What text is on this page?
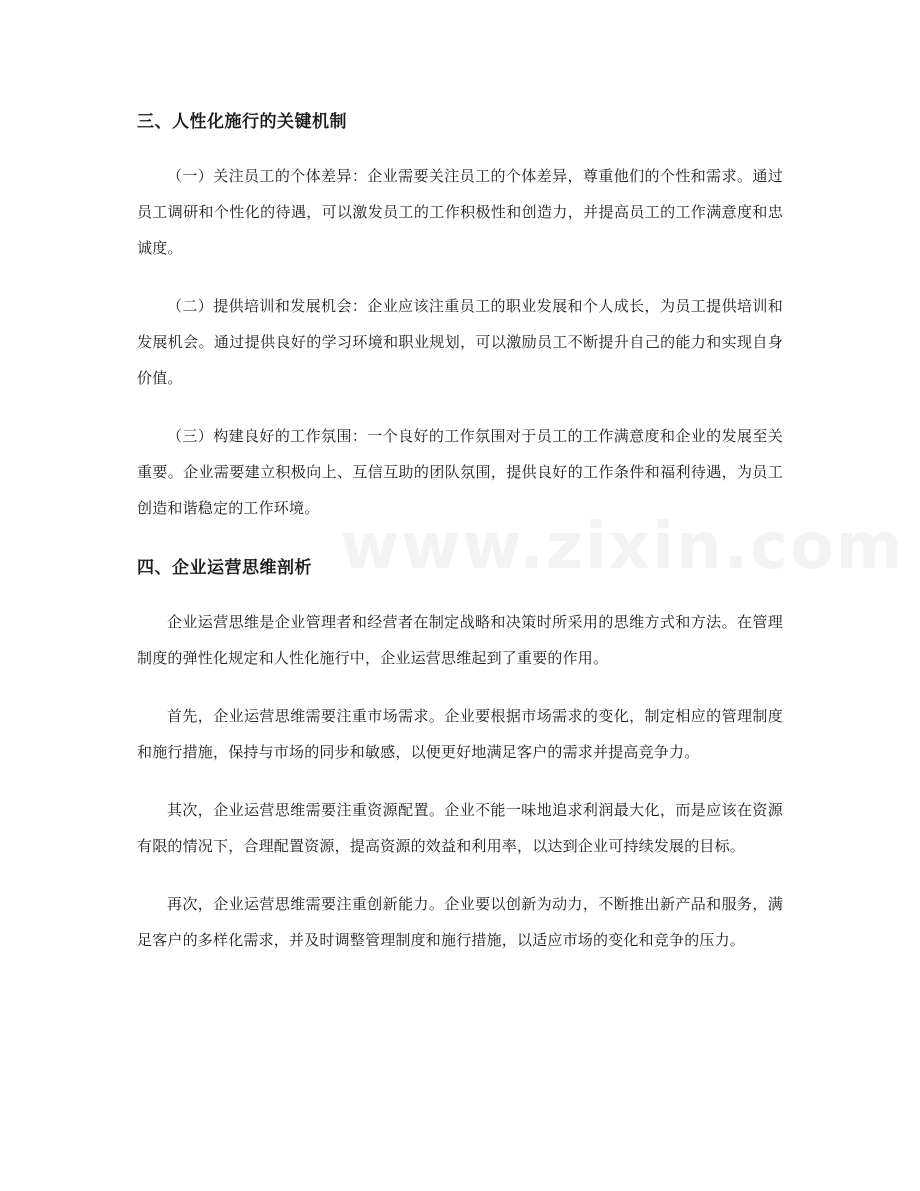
三、人性化施行的关键机制

（一）关注员工的个体差异：企业需要关注员工的个体差异，尊重他们的个性和需求。通过员工调研和个性化的待遇，可以激发员工的工作积极性和创造力，并提高员工的工作满意度和忠诚度。

（二）提供培训和发展机会：企业应该注重员工的职业发展和个人成长，为员工提供培训和发展机会。通过提供良好的学习环境和职业规划，可以激励员工不断提升自己的能力和实现自身价值。

（三）构建良好的工作氛围：一个良好的工作氛围对于员工的工作满意度和企业的发展至关重要。企业需要建立积极向上、互信互助的团队氛围，提供良好的工作条件和福利待遇，为员工创造和谐稳定的工作环境。

四、企业运营思维剖析

企业运营思维是企业管理者和经营者在制定战略和决策时所采用的思维方式和方法。在管理制度的弹性化规定和人性化施行中，企业运营思维起到了重要的作用。

首先，企业运营思维需要注重市场需求。企业要根据市场需求的变化，制定相应的管理制度和施行措施，保持与市场的同步和敏感，以便更好地满足客户的需求并提高竞争力。

其次，企业运营思维需要注重资源配置。企业不能一味地追求利润最大化，而是应该在资源有限的情况下，合理配置资源，提高资源的效益和利用率，以达到企业可持续发展的目标。

再次，企业运营思维需要注重创新能力。企业要以创新为动力，不断推出新产品和服务，满足客户的多样化需求，并及时调整管理制度和施行措施，以适应市场的变化和竞争的压力。
